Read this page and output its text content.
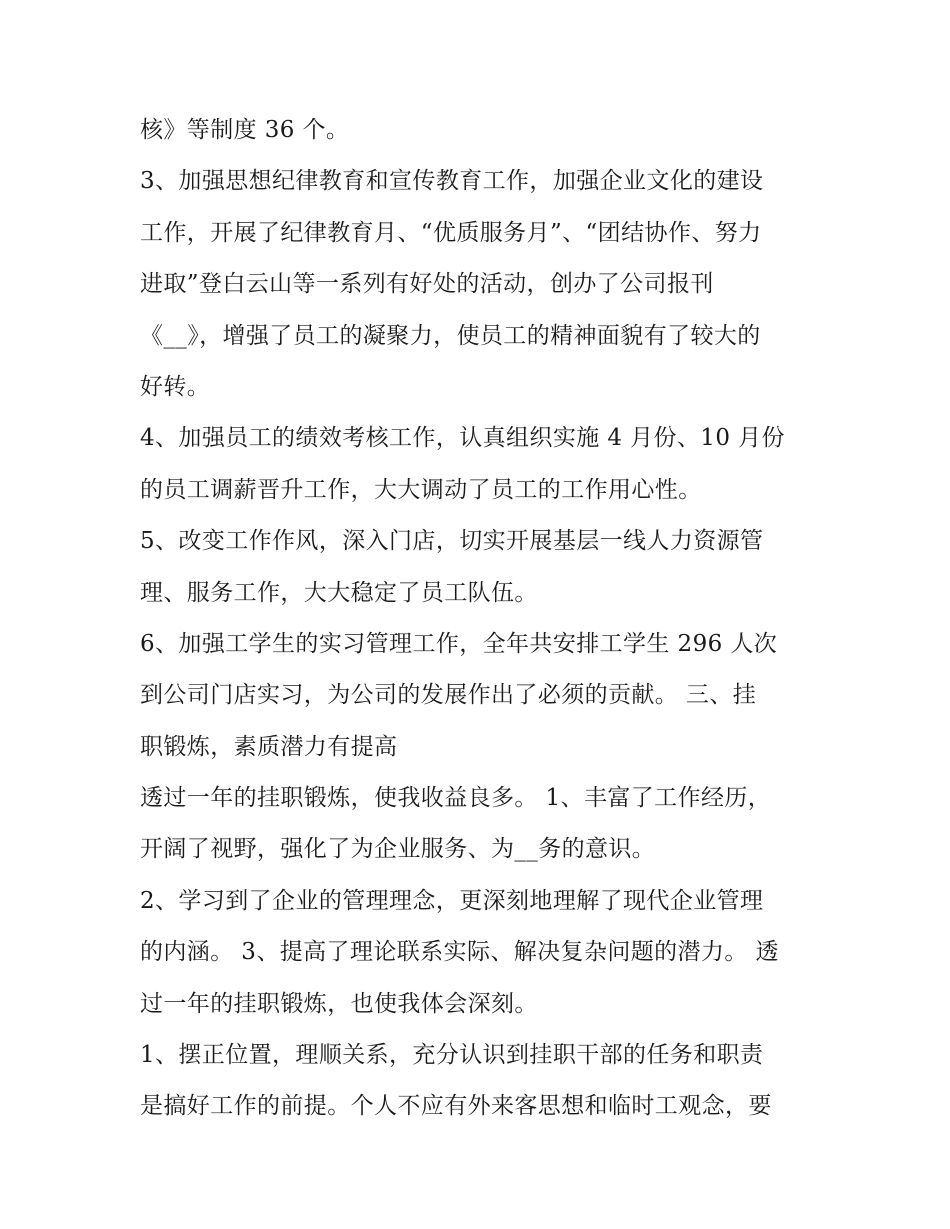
核》等制度 36 个。
3、加强思想纪律教育和宣传教育工作，加强企业文化的建设
工作，开展了纪律教育月、“优质服务月”、“团结协作、努力
进取”登白云山等一系列有好处的活动，创办了公司报刊
《__》，增强了员工的凝聚力，使员工的精神面貌有了较大的
好转。
4、加强员工的绩效考核工作，认真组织实施 4 月份、10 月份
的员工调薪晋升工作，大大调动了员工的工作用心性。
5、改变工作作风，深入门店，切实开展基层一线人力资源管
理、服务工作，大大稳定了员工队伍。
6、加强工学生的实习管理工作，全年共安排工学生 296 人次
到公司门店实习，为公司的发展作出了必须的贡献。 三、挂
职锻炼，素质潜力有提高
透过一年的挂职锻炼，使我收益良多。 1、丰富了工作经历，
开阔了视野，强化了为企业服务、为__务的意识。
2、学习到了企业的管理理念，更深刻地理解了现代企业管理
的内涵。 3、提高了理论联系实际、解决复杂问题的潜力。 透
过一年的挂职锻炼，也使我体会深刻。
1、摆正位置，理顺关系，充分认识到挂职干部的任务和职责
是搞好工作的前提。个人不应有外来客思想和临时工观念，要
